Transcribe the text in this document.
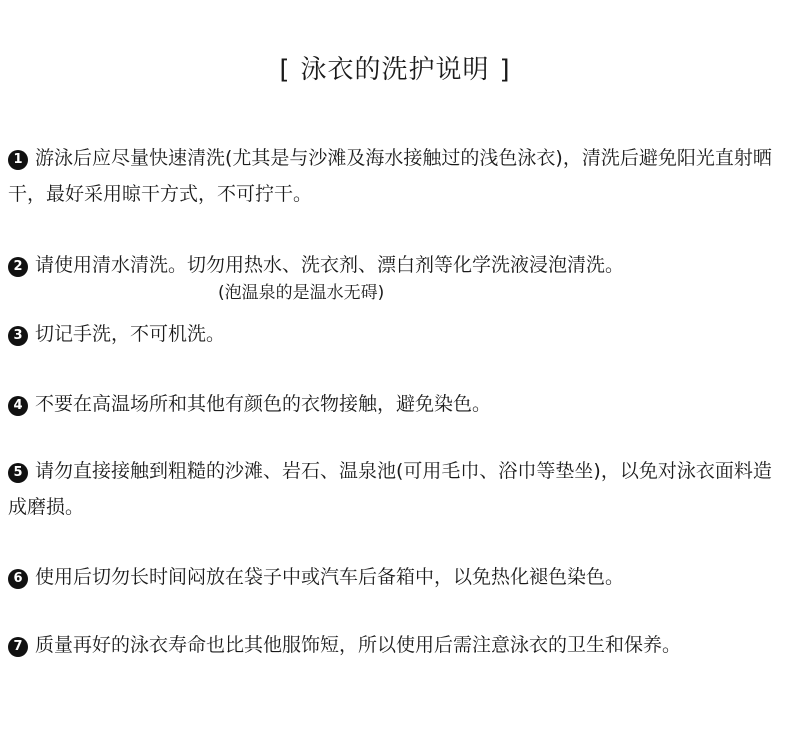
[ 泳衣的洗护说明 ]
1 游泳后应尽量快速清洗(尤其是与沙滩及海水接触过的浅色泳衣)，清洗后避免阳光直射晒干，最好采用晾干方式，不可拧干。
2 请使用清水清洗。切勿用热水、洗衣剂、漂白剂等化学洗液浸泡清洗。
(泡温泉的是温水无碍)
3 切记手洗，不可机洗。
4 不要在高温场所和其他有颜色的衣物接触，避免染色。
5 请勿直接接触到粗糙的沙滩、岩石、温泉池(可用毛巾、浴巾等垫坐)，以免对泳衣面料造成磨损。
6 使用后切勿长时间闷放在袋子中或汽车后备箱中，以免热化褪色染色。
7 质量再好的泳衣寿命也比其他服饰短，所以使用后需注意泳衣的卫生和保养。
